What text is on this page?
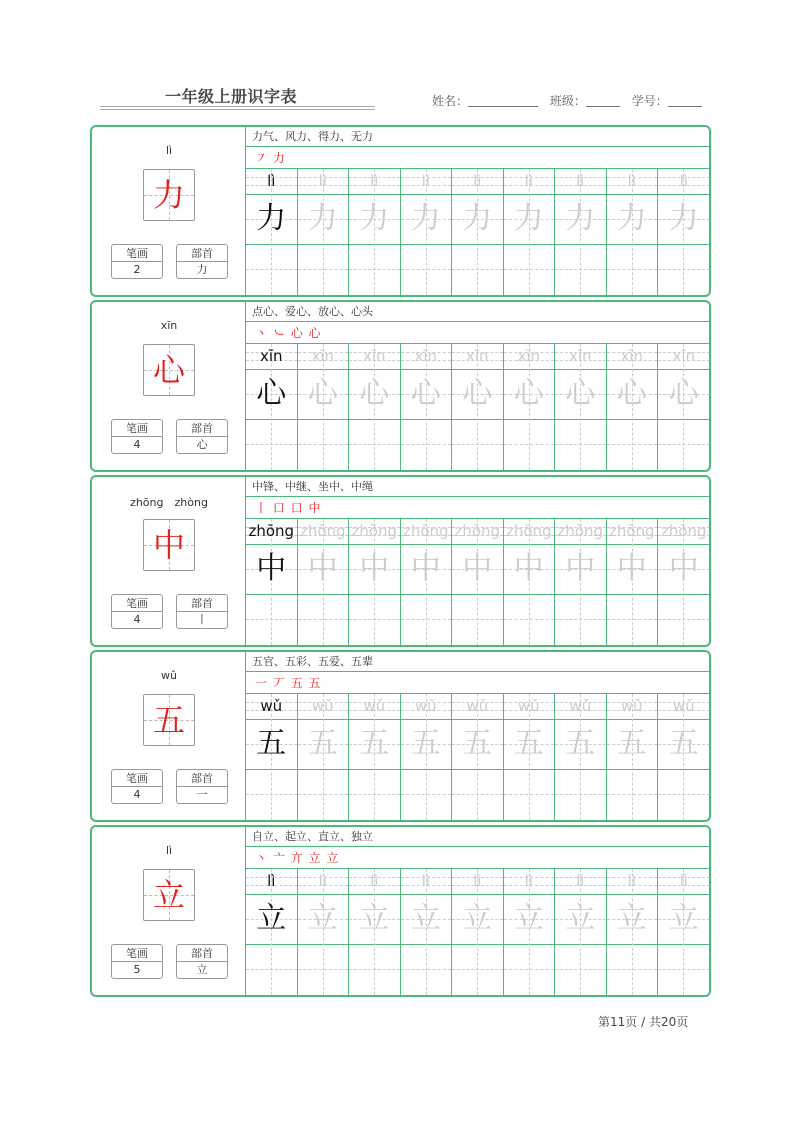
一年级上册识字表	姓名：	班级：	学号：
lì
力
笔画
2
部首
力
力气、风力、得力、无力
㇇ 力
lì
力
lì
力
lì
力
lì
力
lì
力
lì
力
lì
力
lì
力
lì
力
xīn
心
笔画
4
部首
心
点心、爱心、放心、心头
丶 ㇃ 心 心
xīn
心
xīn
心
xīn
心
xīn
心
xīn
心
xīn
心
xīn
心
xīn
心
xīn
心
zhōng　zhòng
中
笔画
4
部首
丨
中锋、中继、坐中、中绳
丨 口 口 中
zhōng
中
zhōng
中
zhōng
中
zhōng
中
zhōng
中
zhōng
中
zhōng
中
zhōng
中
zhōng
中
wǔ
五
笔画
4
部首
一
五官、五彩、五爱、五辈
一 丆 五 五
wǔ
五
wǔ
五
wǔ
五
wǔ
五
wǔ
五
wǔ
五
wǔ
五
wǔ
五
wǔ
五
lì
立
笔画
5
部首
立
自立、起立、直立、独立
丶 亠 亣 立 立
lì
立
lì
立
lì
立
lì
立
lì
立
lì
立
lì
立
lì
立
lì
立
第11页 / 共20页
